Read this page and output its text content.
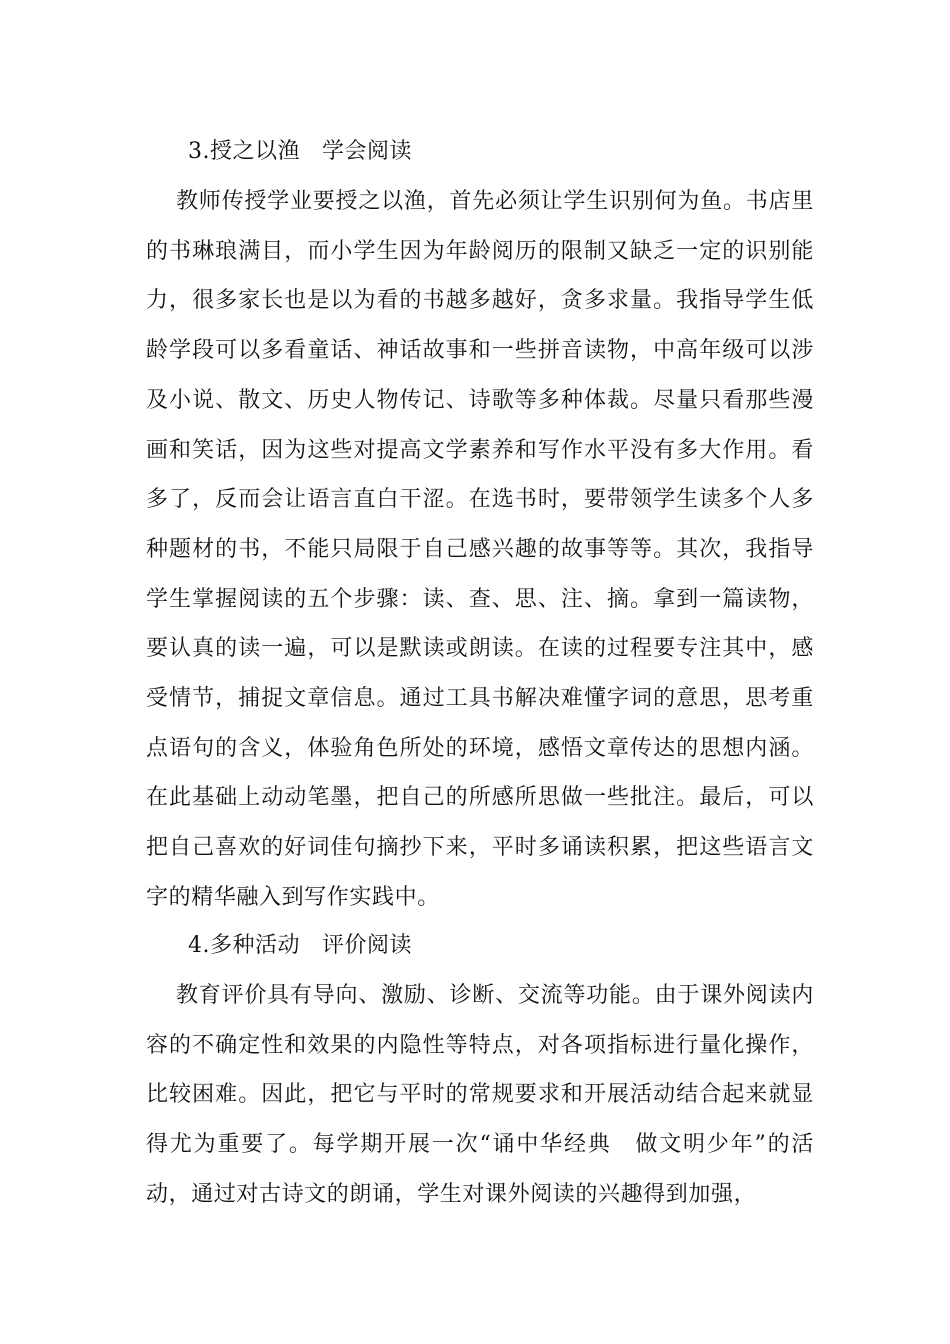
3.授之以渔 学会阅读

教师传授学业要授之以渔，首先必须让学生识别何为鱼。书店里的书琳琅满目，而小学生因为年龄阅历的限制又缺乏一定的识别能力，很多家长也是以为看的书越多越好，贪多求量。我指导学生低龄学段可以多看童话、神话故事和一些拼音读物，中高年级可以涉及小说、散文、历史人物传记、诗歌等多种体裁。尽量只看那些漫画和笑话，因为这些对提高文学素养和写作水平没有多大作用。看多了，反而会让语言直白干涩。在选书时，要带领学生读多个人多种题材的书，不能只局限于自己感兴趣的故事等等。其次，我指导学生掌握阅读的五个步骤：读、查、思、注、摘。拿到一篇读物，要认真的读一遍，可以是默读或朗读。在读的过程要专注其中，感受情节，捕捉文章信息。通过工具书解决难懂字词的意思，思考重点语句的含义，体验角色所处的环境，感悟文章传达的思想内涵。在此基础上动动笔墨，把自己的所感所思做一些批注。最后，可以把自己喜欢的好词佳句摘抄下来，平时多诵读积累，把这些语言文字的精华融入到写作实践中。

4.多种活动 评价阅读

教育评价具有导向、激励、诊断、交流等功能。由于课外阅读内容的不确定性和效果的内隐性等特点，对各项指标进行量化操作，比较困难。因此，把它与平时的常规要求和开展活动结合起来就显得尤为重要了。每学期开展一次“诵中华经典　做文明少年”的活动，通过对古诗文的朗诵，学生对课外阅读的兴趣得到加强，
